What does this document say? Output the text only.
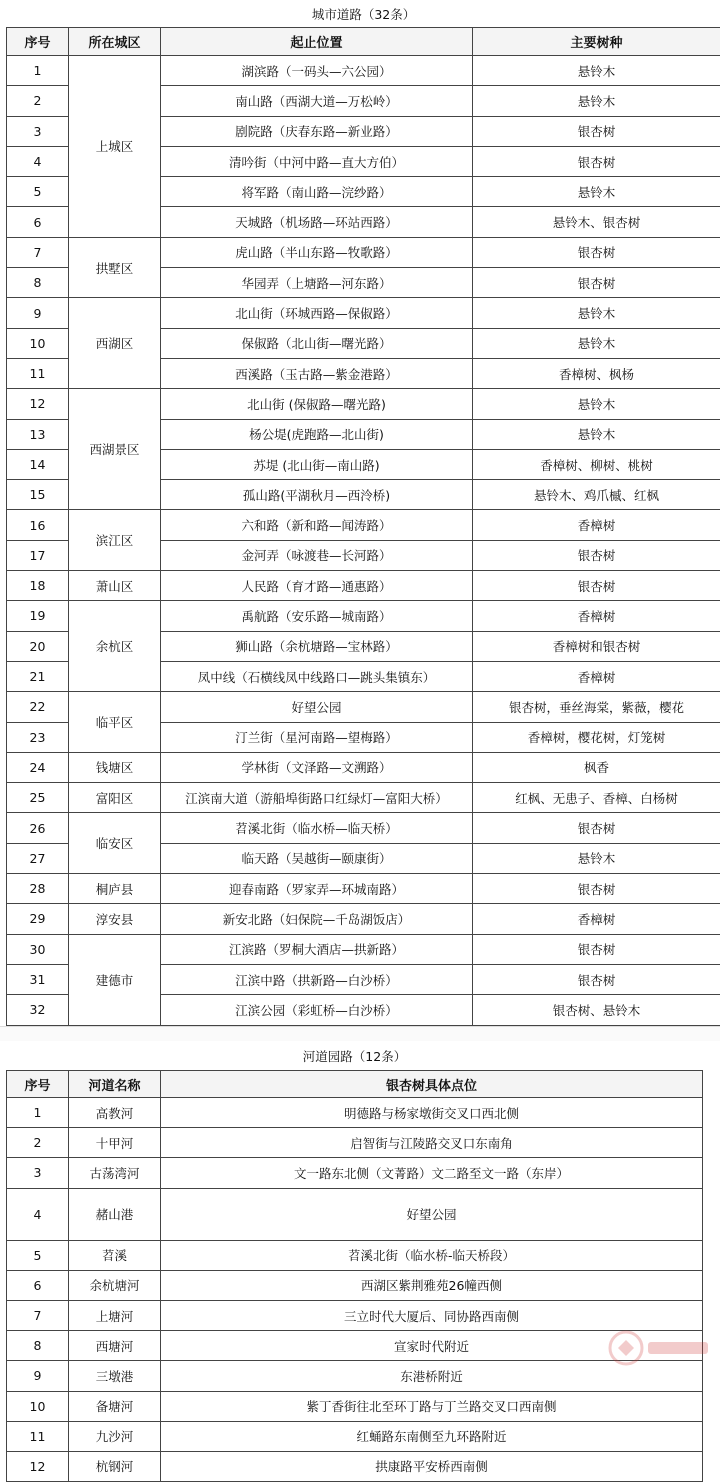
城市道路（32条）			
序号	所在城区	起止位置	主要树种
1	上城区	湖滨路（一码头—六公园）	悬铃木
2		南山路（西湖大道—万松岭）	悬铃木
3		剧院路（庆春东路—新业路）	银杏树
4		清吟街（中河中路—直大方伯）	银杏树
5		将军路（南山路—浣纱路）	悬铃木
6		天城路（机场路—环站西路）	悬铃木、银杏树
7	拱墅区	虎山路（半山东路—牧歌路）	银杏树
8		华园弄（上塘路—河东路）	银杏树
9	西湖区	北山街（环城西路—保俶路）	悬铃木
10		保俶路（北山街—曙光路）	悬铃木
11		西溪路（玉古路—紫金港路）	香樟树、枫杨
12	西湖景区	北山街 (保俶路—曙光路)	悬铃木
13		杨公堤(虎跑路—北山街)	悬铃木
14		苏堤 (北山街—南山路)	香樟树、柳树、桃树
15		孤山路(平湖秋月—西泠桥)	悬铃木、鸡爪槭、红枫
16	滨江区	六和路（新和路—闻涛路）	香樟树
17		金河弄（咏渡巷—长河路）	银杏树
18	萧山区	人民路（育才路—通惠路）	银杏树
19	余杭区	禹航路（安乐路—城南路）	香樟树
20		狮山路（余杭塘路—宝林路）	香樟树和银杏树
21		凤中线（石横线凤中线路口—跳头集镇东）	香樟树
22	临平区	好望公园	银杏树，垂丝海棠，紫薇，樱花
23		汀兰街（星河南路—望梅路）	香樟树，樱花树，灯笼树
24	钱塘区	学林街（文泽路—文溯路）	枫香
25	富阳区	江滨南大道（游船埠街路口红绿灯—富阳大桥）	红枫、无患子、香樟、白杨树
26	临安区	苕溪北街（临水桥—临天桥）	银杏树
27		临天路（吴越街—颐康街）	悬铃木
28	桐庐县	迎春南路（罗家弄—环城南路）	银杏树
29	淳安县	新安北路（妇保院—千岛湖饭店）	香樟树
30	建德市	江滨路（罗桐大酒店—拱新路）	银杏树
31		江滨中路（拱新路—白沙桥）	银杏树
32		江滨公园（彩虹桥—白沙桥）	银杏树、悬铃木
河道园路（12条）		
序号	河道名称	银杏树具体点位
1	高教河	明德路与杨家墩街交叉口西北侧
2	十甲河	启智街与江陵路交叉口东南角
3	古荡湾河	文一路东北侧（文菁路）文二路至文一路（东岸）
4	赭山港	好望公园
5	苕溪	苕溪北街（临水桥-临天桥段）
6	余杭塘河	西湖区紫荆雅苑26幢西侧
7	上塘河	三立时代大厦后、同协路西南侧
8	西塘河	宣家时代附近
9	三墩港	东港桥附近
10	备塘河	紫丁香街往北至环丁路与丁兰路交叉口西南侧
11	九沙河	红蛹路东南侧至九环路附近
12	杭钢河	拱康路平安桥西南侧
